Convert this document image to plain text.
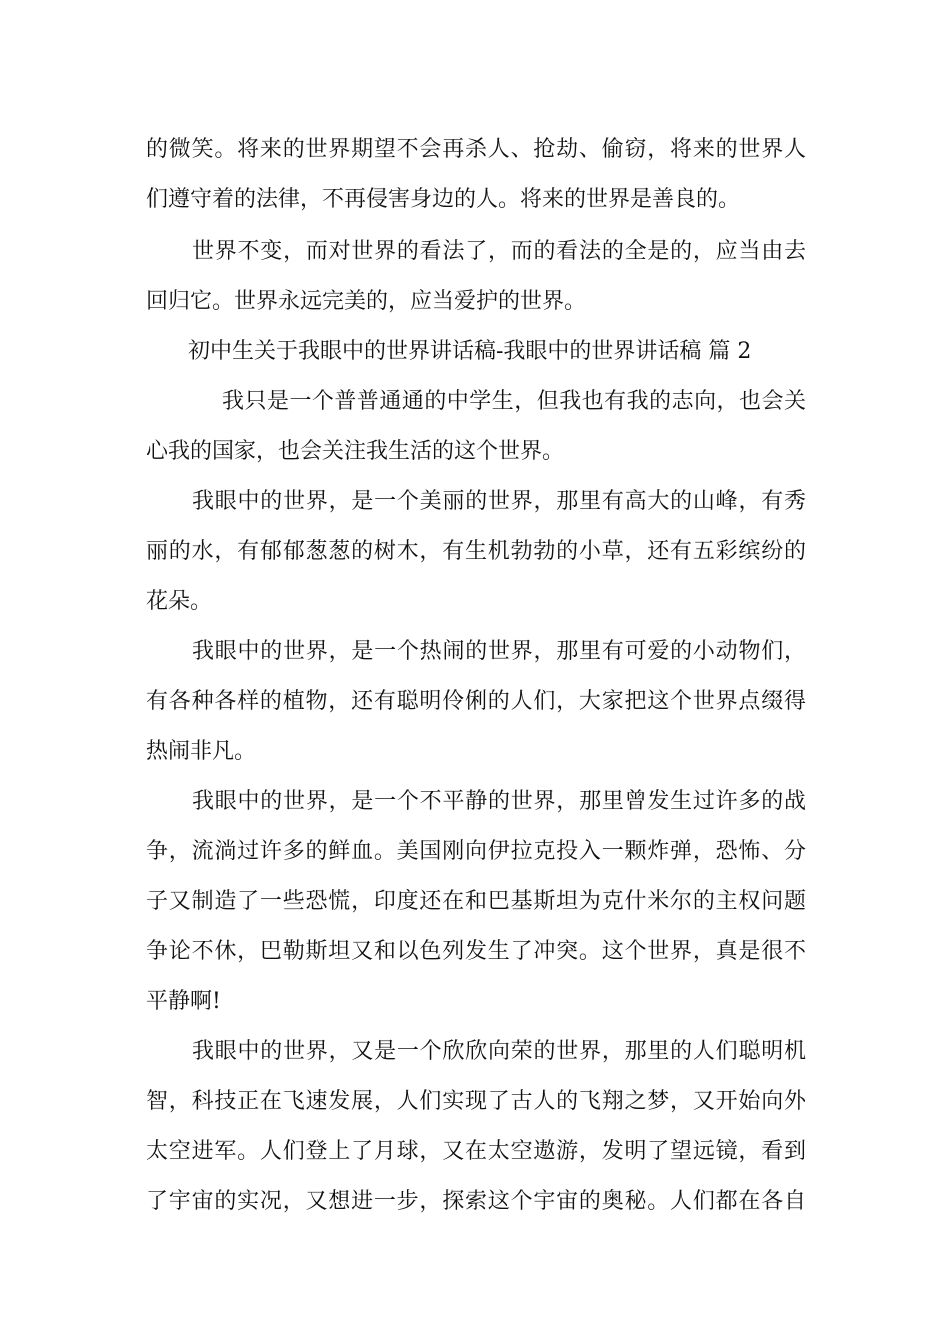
的微笑。将来的世界期望不会再杀人、抢劫、偷窃，将来的世界人
们遵守着的法律，不再侵害身边的人。将来的世界是善良的。
世界不变，而对世界的看法了，而的看法的全是的，应当由去
回归它。世界永远完美的，应当爱护的世界。
初中生关于我眼中的世界讲话稿-我眼中的世界讲话稿 篇 2
我只是一个普普通通的中学生，但我也有我的志向，也会关
心我的国家，也会关注我生活的这个世界。
我眼中的世界，是一个美丽的世界，那里有高大的山峰，有秀
丽的水，有郁郁葱葱的树木，有生机勃勃的小草，还有五彩缤纷的
花朵。
我眼中的世界，是一个热闹的世界，那里有可爱的小动物们，
有各种各样的植物，还有聪明伶俐的人们，大家把这个世界点缀得
热闹非凡。
我眼中的世界，是一个不平静的世界，那里曾发生过许多的战
争，流淌过许多的鲜血。美国刚向伊拉克投入一颗炸弹，恐怖、分
子又制造了一些恐慌，印度还在和巴基斯坦为克什米尔的主权问题
争论不休，巴勒斯坦又和以色列发生了冲突。这个世界，真是很不
平静啊!
我眼中的世界，又是一个欣欣向荣的世界，那里的人们聪明机
智，科技正在飞速发展，人们实现了古人的飞翔之梦，又开始向外
太空进军。人们登上了月球，又在太空遨游，发明了望远镜，看到
了宇宙的实况，又想进一步，探索这个宇宙的奥秘。人们都在各自
